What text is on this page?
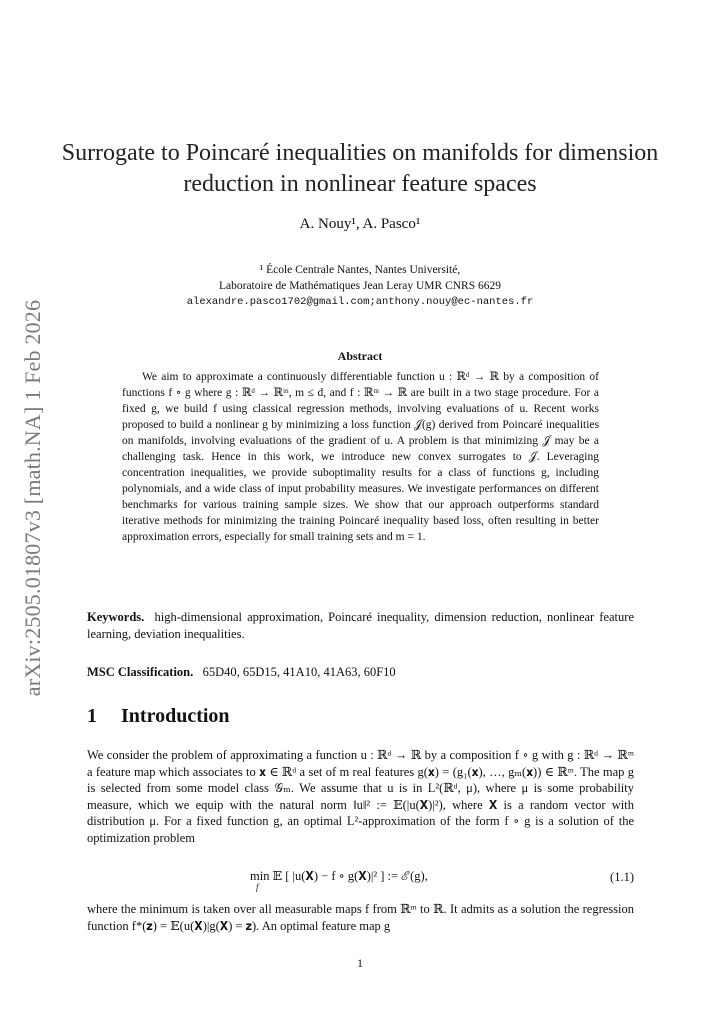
arXiv:2505.01807v3 [math.NA] 1 Feb 2026
Surrogate to Poincaré inequalities on manifolds for dimension reduction in nonlinear feature spaces
A. Nouy¹, A. Pasco¹
¹ École Centrale Nantes, Nantes Université,
Laboratoire de Mathématiques Jean Leray UMR CNRS 6629
alexandre.pasco1702@gmail.com;anthony.nouy@ec-nantes.fr
Abstract

We aim to approximate a continuously differentiable function u : ℝᵈ → ℝ by a composition of functions f ∘ g where g : ℝᵈ → ℝᵐ, m ≤ d, and f : ℝᵐ → ℝ are built in a two stage procedure. For a fixed g, we build f using classical regression methods, involving evaluations of u. Recent works proposed to build a nonlinear g by minimizing a loss function 𝒥(g) derived from Poincaré inequalities on manifolds, involving evaluations of the gradient of u. A problem is that minimizing 𝒥 may be a challenging task. Hence in this work, we introduce new convex surrogates to 𝒥. Leveraging concentration inequalities, we provide suboptimality results for a class of functions g, including polynomials, and a wide class of input probability measures. We investigate performances on different benchmarks for various training sample sizes. We show that our approach outperforms standard iterative methods for minimizing the training Poincaré inequality based loss, often resulting in better approximation errors, especially for small training sets and m = 1.

Keywords. high-dimensional approximation, Poincaré inequality, dimension reduction, nonlinear feature learning, deviation inequalities.

MSC Classification. 65D40, 65D15, 41A10, 41A63, 60F10

1 Introduction

We consider the problem of approximating a function u : ℝᵈ → ℝ by a composition f ∘ g with g : ℝᵈ → ℝᵐ a feature map which associates to 𝐱 ∈ ℝᵈ a set of m real features g(𝐱) = (g₁(𝐱), …, gₘ(𝐱)) ∈ ℝᵐ. The map g is selected from some model class 𝒢ₘ. We assume that u is in L²(ℝᵈ, μ), where μ is some probability measure, which we equip with the natural norm ‖u‖² := 𝔼(|u(𝐗)|²), where 𝐗 is a random vector with distribution μ. For a fixed function g, an optimal L²-approximation of the form f ∘ g is a solution of the optimization problem

min 𝔼 [ |u(𝐗) − f ∘ g(𝐗)|² ] := ℰ(g),
f
(1.1)

where the minimum is taken over all measurable maps f from ℝᵐ to ℝ. It admits as a solution the regression function f*(𝐳) = 𝔼(u(𝐗)|g(𝐗) = 𝐳). An optimal feature map g

1
